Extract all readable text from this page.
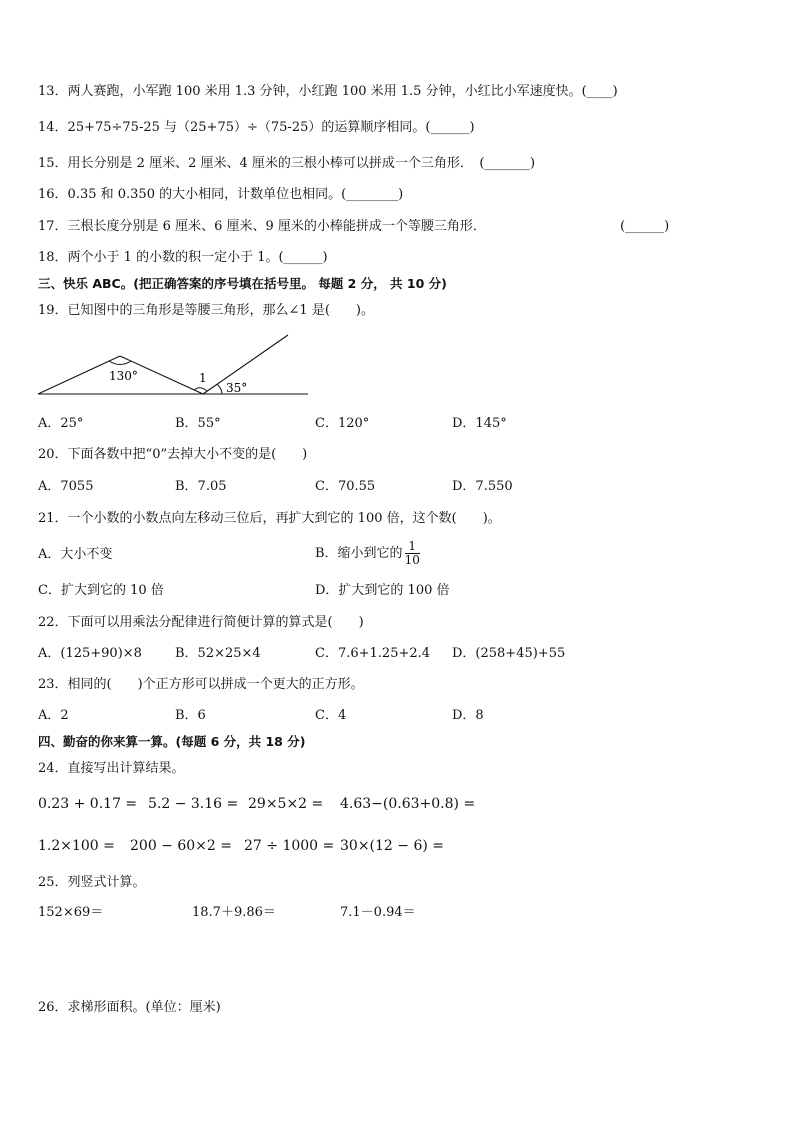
13．两人赛跑，小军跑 100 米用 1.3 分钟，小红跑 100 米用 1.5 分钟，小红比小军速度快。(____)
14．25+75÷75-25 与（25+75）÷（75-25）的运算顺序相同。(______)
15．用长分别是 2 厘米、2 厘米、4 厘米的三根小棒可以拼成一个三角形．　(_______)
16．0.35 和 0.350 的大小相同，计数单位也相同。(________)
17．三根长度分别是 6 厘米、6 厘米、9 厘米的小棒能拼成一个等腰三角形．	(______)
18．两个小于 1 的小数的积一定小于 1。(______)
三、快乐 ABC。(把正确答案的序号填在括号里。 每题 2 分， 共 10 分)
19．已知图中的三角形是等腰三角形，那么∠1 是(　　)。
130°	1
35°
A．25°	B．55°	C．120°	D．145°
20．下面各数中把“0”去掉大小不变的是(　　)
A．7055	B．7.05	C．70.55	D．7.550
21．一个小数的小数点向左移动三位后，再扩大到它的 100 倍，这个数(　　)。
A．大小不变	B．缩小到它的 $\frac{1}{10}$
C．扩大到它的 10 倍	D．扩大到它的 100 倍
22．下面可以用乘法分配律进行简便计算的算式是(　　)
A．(125+90)×8	B．52×25×4	C．7.6+1.25+2.4 D．(258+45)+55
23．相同的(　　)个正方形可以拼成一个更大的正方形。
A．2	B．6	C．4	D．8
四、勤奋的你来算一算。(每题 6 分，共 18 分)
24．直接写出计算结果。
0.23 + 0.17 = 5.2 − 3.16 = 29×5×2 = 4.63−(0.63+0.8) =
1.2×100 = 200 − 60×2 = 27 ÷ 1000 = 30×(12 − 6) =
25．列竖式计算。
152×69＝	18.7＋9.86＝	7.1－0.94＝
26．求梯形面积。(单位：厘米)
